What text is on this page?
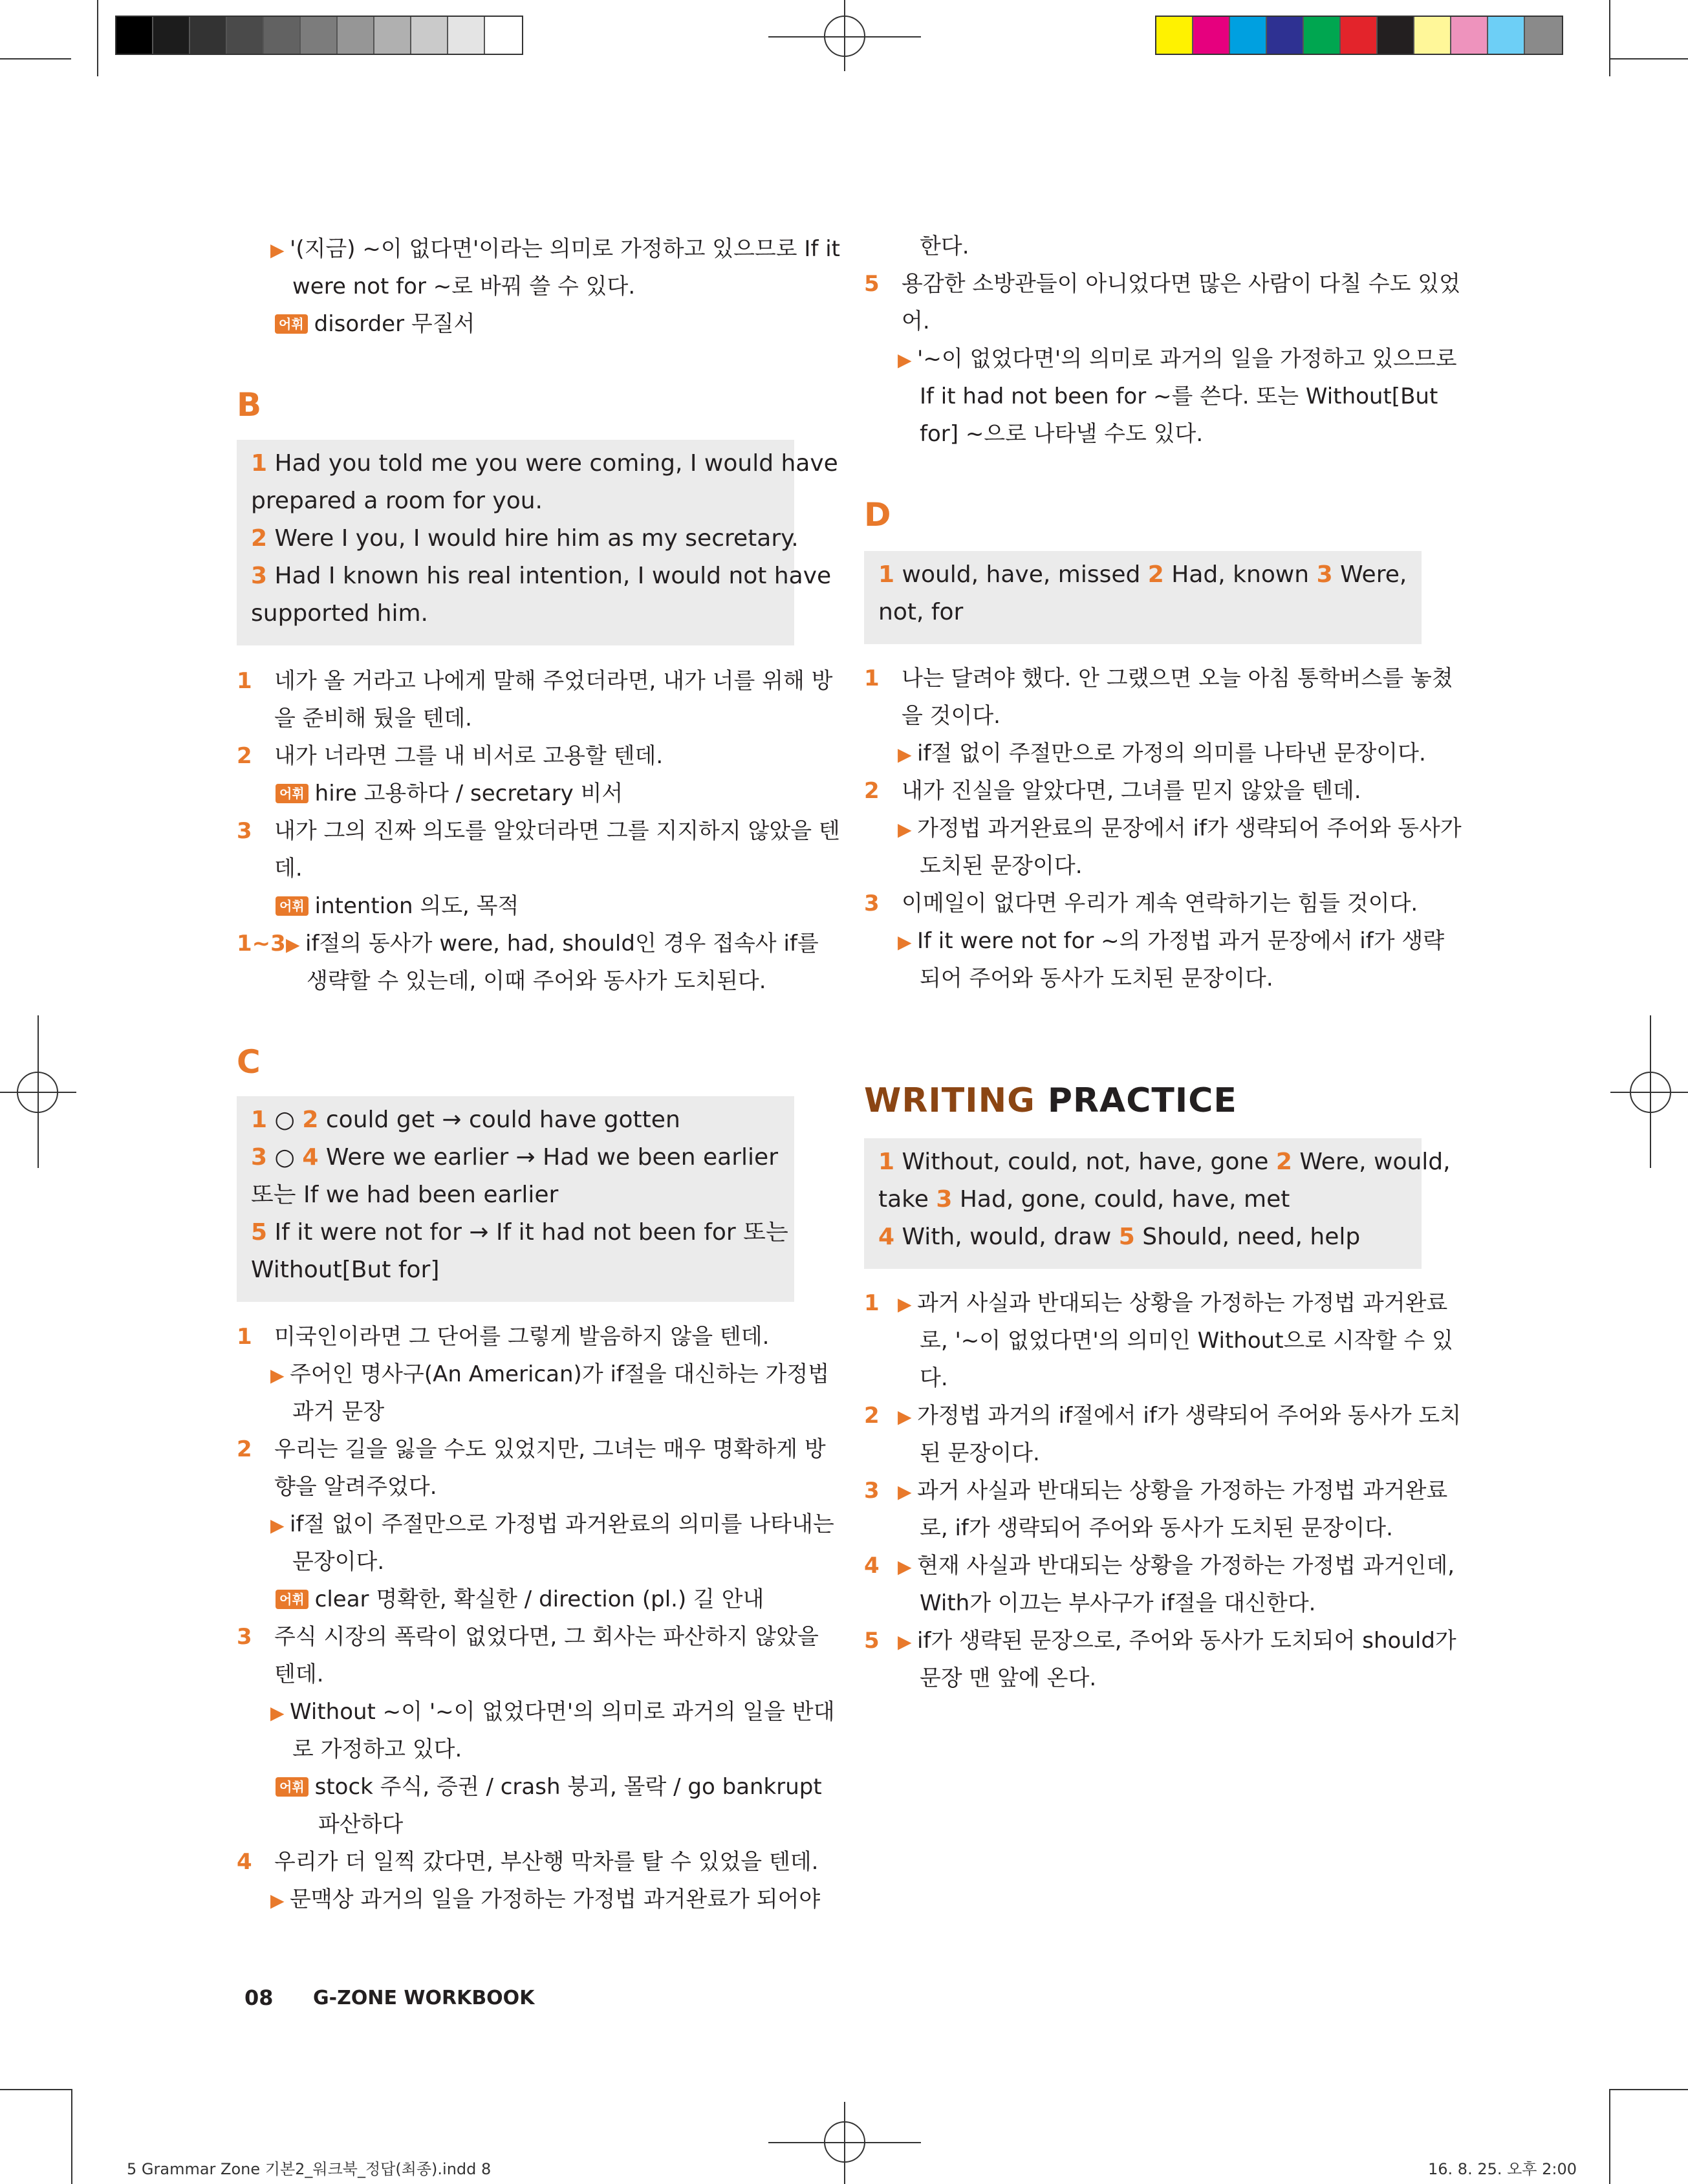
▶ '(지금) ~이 없다면'이라는 의미로 가정하고 있으므로 If it
were not for ~로 바꿔 쓸 수 있다.
어휘 disorder 무질서
B
1 Had you told me you were coming, I would have
prepared a room for you.
2 Were I you, I would hire him as my secretary.
3 Had I known his real intention, I would not have
supported him.
1 네가 올 거라고 나에게 말해 주었더라면, 내가 너를 위해 방
을 준비해 뒀을 텐데.
2 내가 너라면 그를 내 비서로 고용할 텐데.
어휘 hire 고용하다 / secretary 비서
3 내가 그의 진짜 의도를 알았더라면 그를 지지하지 않았을 텐
데.
어휘 intention 의도, 목적
1~3 ▶ if절의 동사가 were, had, should인 경우 접속사 if를
생략할 수 있는데, 이때 주어와 동사가 도치된다.
C
1 ○ 2 could get → could have gotten
3 ○ 4 Were we earlier → Had we been earlier
또는 If we had been earlier
5 If it were not for → If it had not been for 또는
Without[But for]
1 미국인이라면 그 단어를 그렇게 발음하지 않을 텐데.
▶ 주어인 명사구(An American)가 if절을 대신하는 가정법
과거 문장
2 우리는 길을 잃을 수도 있었지만, 그녀는 매우 명확하게 방
향을 알려주었다.
▶ if절 없이 주절만으로 가정법 과거완료의 의미를 나타내는
문장이다.
어휘 clear 명확한, 확실한 / direction (pl.) 길 안내
3 주식 시장의 폭락이 없었다면, 그 회사는 파산하지 않았을
텐데.
▶ Without ~이 '~이 없었다면'의 의미로 과거의 일을 반대
로 가정하고 있다.
어휘 stock 주식, 증권 / crash 붕괴, 몰락 / go bankrupt
파산하다
4 우리가 더 일찍 갔다면, 부산행 막차를 탈 수 있었을 텐데.
▶ 문맥상 과거의 일을 가정하는 가정법 과거완료가 되어야
한다.
5 용감한 소방관들이 아니었다면 많은 사람이 다칠 수도 있었
어.
▶ '~이 없었다면'의 의미로 과거의 일을 가정하고 있으므로
If it had not been for ~를 쓴다. 또는 Without[But
for] ~으로 나타낼 수도 있다.
D
1 would, have, missed 2 Had, known 3 Were,
not, for
1 나는 달려야 했다. 안 그랬으면 오늘 아침 통학버스를 놓쳤
을 것이다.
▶ if절 없이 주절만으로 가정의 의미를 나타낸 문장이다.
2 내가 진실을 알았다면, 그녀를 믿지 않았을 텐데.
▶ 가정법 과거완료의 문장에서 if가 생략되어 주어와 동사가
도치된 문장이다.
3 이메일이 없다면 우리가 계속 연락하기는 힘들 것이다.
▶ If it were not for ~의 가정법 과거 문장에서 if가 생략
되어 주어와 동사가 도치된 문장이다.
WRITING PRACTICE
1 Without, could, not, have, gone 2 Were, would,
take 3 Had, gone, could, have, met
4 With, would, draw 5 Should, need, help
1 ▶ 과거 사실과 반대되는 상황을 가정하는 가정법 과거완료
로, '~이 없었다면'의 의미인 Without으로 시작할 수 있
다.
2 ▶ 가정법 과거의 if절에서 if가 생략되어 주어와 동사가 도치
된 문장이다.
3 ▶ 과거 사실과 반대되는 상황을 가정하는 가정법 과거완료
로, if가 생략되어 주어와 동사가 도치된 문장이다.
4 ▶ 현재 사실과 반대되는 상황을 가정하는 가정법 과거인데,
With가 이끄는 부사구가 if절을 대신한다.
5 ▶ if가 생략된 문장으로, 주어와 동사가 도치되어 should가
문장 맨 앞에 온다.
08 G-ZONE WORKBOOK
5 Grammar Zone 기본2_워크북_정답(최종).indd 8	16. 8. 25. 오후 2:00
